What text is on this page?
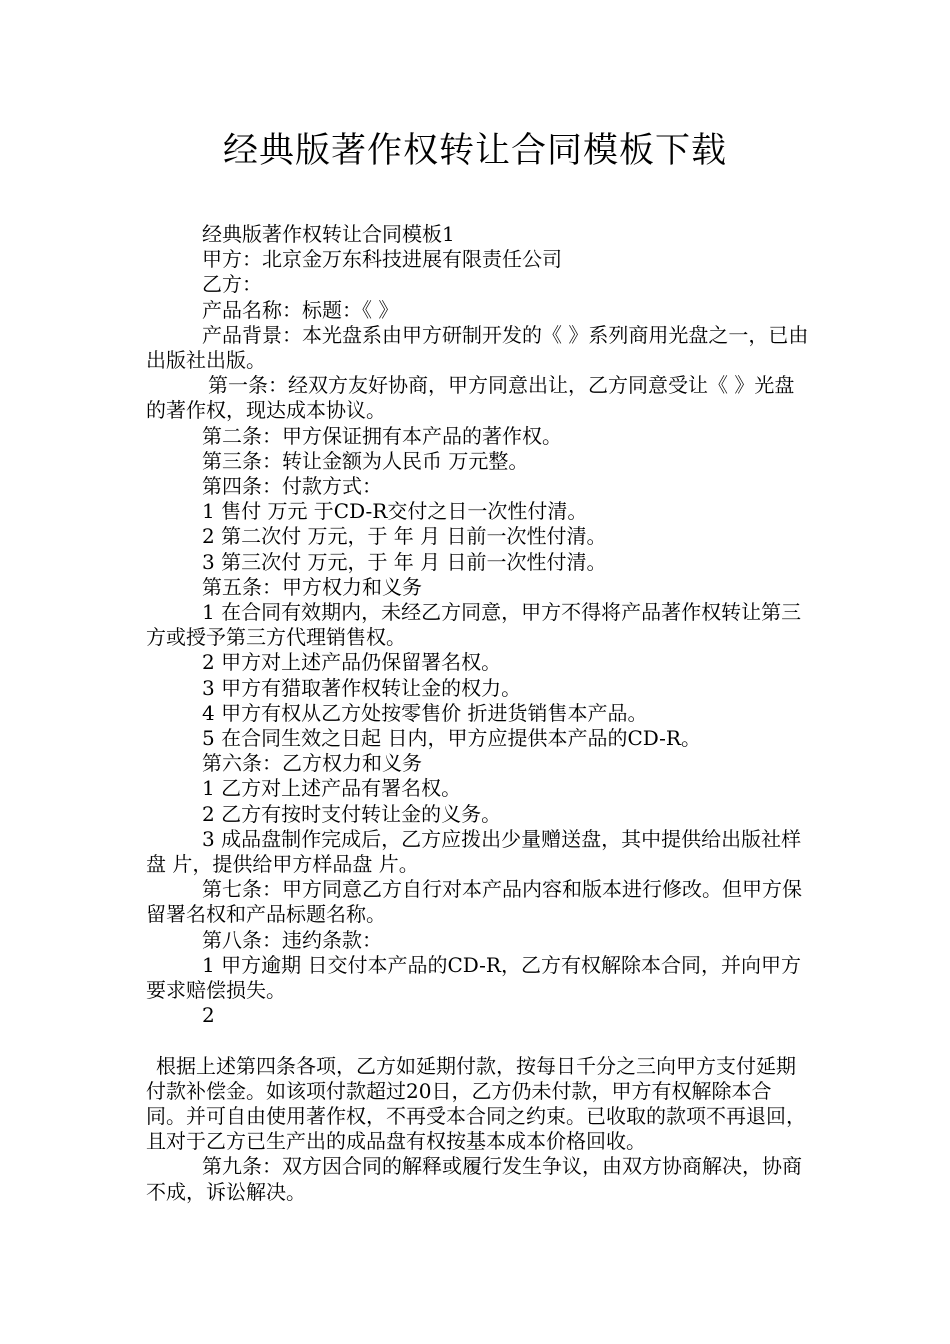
经典版著作权转让合同模板下载

经典版著作权转让合同模板1

甲方：北京金万东科技进展有限责任公司

乙方：

产品名称：标题：《 》

产品背景：本光盘系由甲方研制开发的《 》系列商用光盘之一，已由 出版社出版。

第一条：经双方友好协商，甲方同意出让，乙方同意受让《 》光盘的著作权，现达成本协议。

第二条：甲方保证拥有本产品的著作权。

第三条：转让金额为人民币 万元整。

第四条：付款方式：

1 售付 万元 于CD-R交付之日一次性付清。

2 第二次付 万元，于 年 月 日前一次性付清。

3 第三次付 万元，于 年 月 日前一次性付清。

第五条：甲方权力和义务

1 在合同有效期内，未经乙方同意，甲方不得将产品著作权转让第三方或授予第三方代理销售权。

2 甲方对上述产品仍保留署名权。

3 甲方有猎取著作权转让金的权力。

4 甲方有权从乙方处按零售价 折进货销售本产品。

5 在合同生效之日起 日内，甲方应提供本产品的CD-R。

第六条：乙方权力和义务

1 乙方对上述产品有署名权。

2 乙方有按时支付转让金的义务。

3 成品盘制作完成后，乙方应拨出少量赠送盘，其中提供给出版社样盘 片，提供给甲方样品盘 片。

第七条：甲方同意乙方自行对本产品内容和版本进行修改。但甲方保留署名权和产品标题名称。

第八条：违约条款：

1 甲方逾期 日交付本产品的CD-R，乙方有权解除本合同，并向甲方要求赔偿损失。

2

根据上述第四条各项，乙方如延期付款，按每日千分之三向甲方支付延期付款补偿金。如该项付款超过20日，乙方仍未付款，甲方有权解除本合同。并可自由使用著作权，不再受本合同之约束。已收取的款项不再退回，且对于乙方已生产出的成品盘有权按基本成本价格回收。

第九条：双方因合同的解释或履行发生争议，由双方协商解决，协商不成，诉讼解决。
